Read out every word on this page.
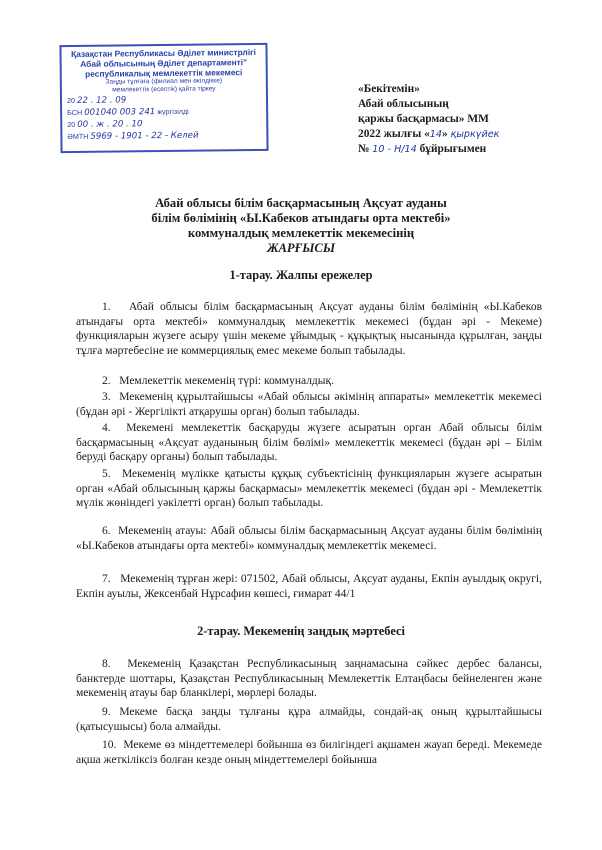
Қазақстан Республикасы Әділет министрлігі
Абай облысының Әділет департаменті"
республикалық мемлекеттік мекемесі
Заңды тұлғаға (филиал мен өкілдікке)
мемлекеттік (есептік) қайта тіркеу
20 22 . 12 . 09
БСН 001040 003 241 жүргізілді
20 00 . ж . 20 . 10
ӘМТН 5969 - 1901 - 22 - Келей
«Бекітемін»
Абай облысының
қаржы басқармасы» ММ
2022 жылғы «14» қыркүйек
№ 10 - Н/14 бұйрығымен
Абай облысы білім басқармасының Ақсуат ауданы
білім бөлімінің «Ы.Кабеков атындағы орта мектебі»
коммуналдық мемлекеттік мекемесінің
ЖАРҒЫСЫ
1-тарау. Жалпы ережелер
1. Абай облысы білім басқармасының Ақсуат ауданы білім бөлімінің «Ы.Кабеков атындағы орта мектебі» коммуналдық мемлекеттік мекемесі (бұдан әрі - Мекеме) функцияларын жүзеге асыру үшін мекеме ұйымдық - құқықтық нысанында құрылған, заңды тұлға мәртебесіне ие коммерциялық емес мекеме болып табылады.
2. Мемлекеттік мекеменің түрі: коммуналдық.
3. Мекеменің құрылтайшысы «Абай облысы әкімінің аппараты» мемлекеттік мекемесі (бұдан әрі - Жергілікті атқарушы орган) болып табылады.
4. Мекемені мемлекеттік басқаруды жүзеге асыратын орган Абай облысы білім басқармасының «Ақсуат ауданының білім бөлімі» мемлекеттік мекемесі (бұдан әрі – Білім беруді басқару органы) болып табылады.
5. Мекеменің мүлікке қатысты құқық субъектісінің функцияларын жүзеге асыратын орган «Абай облысының қаржы басқармасы» мемлекеттік мекемесі (бұдан әрі - Мемлекеттік мүлік жөніндегі уәкілетті орган) болып табылады.
6. Мекеменің атауы: Абай облысы білім басқармасының Ақсуат ауданы білім бөлімінің «Ы.Кабеков атындағы орта мектебі» коммуналдық мемлекеттік мекемесі.
7. Мекеменің тұрған жері: 071502, Абай облысы, Ақсуат ауданы, Екпін ауылдық округі, Екпін ауылы, Жексенбай Нұрсафин көшесі, ғимарат 44/1
2-тарау. Мекеменің заңдық мәртебесі
8. Мекеменің Қазақстан Республикасының заңнамасына сәйкес дербес балансы, банктерде шоттары, Қазақстан Республикасының Мемлекеттік Елтаңбасы бейнеленген және мекеменің атауы бар бланкілері, мөрлері болады.
9. Мекеме басқа заңды тұлғаны құра алмайды, сондай-ақ оның құрылтайшысы (қатысушысы) бола алмайды.
10. Мекеме өз міндеттемелері бойынша өз билігіндегі ақшамен жауап береді. Мекемеде ақша жеткіліксіз болған кезде оның міндеттемелері бойынша
